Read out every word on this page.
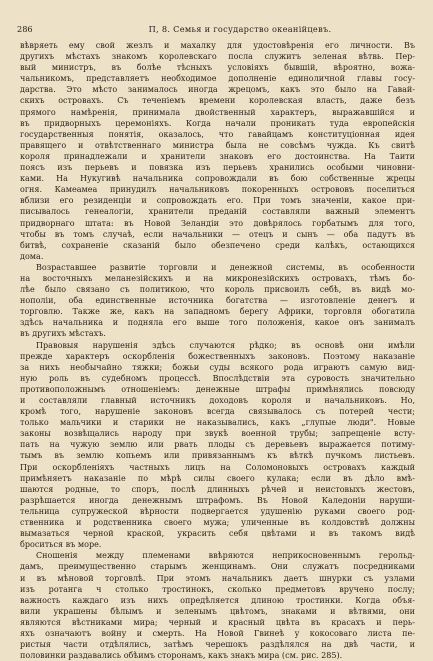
286	П, 8. Семья и государство океанійцевъ.
вѣвряеть ему свой жезлъ и махалку для удостовѣренія его личности. Въ
другихъ мѣстахъ знакомъ королевскаго посла служитъ зеленая вѣтвь. Пер-
вый министръ, въ болѣе тѣсныхъ условіяхъ бывшій, вѣроятно, вожа-
чальникомъ, представляетъ необходимое дополненіе единоличной главы госу-
дарства. Это мѣсто занималось иногда жрецомъ, какъ это было на Гавай-
скихъ островахъ. Съ теченіемъ времени королевская власть, даже безъ
прямого намѣренія, принимала двойственный характеръ, выражавшійся и
въ придворныхъ церемоніяхъ. Когда начали проникать туда европейскія
государственныя понятія, оказалось, что гавайцамъ конституціонная идея
правящего и отвѣтственнаго министра была не совсѣмъ чужда. Къ свитѣ
короля принадлежали и хранители знаковъ его достоинства. На Таити
поясъ изъ перьевъ и повязка изъ перьевъ хранились особыми чиновни-
ками. На Нукугивѣ начальника сопровождали въ бою собственные жрецы
огня. Камеамеа принудилъ начальниковъ покоренныхъ острововъ поселиться
вблизи его резиденціи и сопровождать его. При томъ значеніи, какое при-
писывалось генеалогіи, хранители преданій составляли важный элементъ
придворнаго штата: въ Новой Зеландіи это довѣрялось горбатымъ для того,
чтобы въ томъ случаѣ, если начальники — отецъ и сынъ — оба падутъ въ
битвѣ, сохраненіе сказаній было обезпечено среди калѣкъ, остающихся
дома.
Возраставшее развитіе торговли и денежной системы, въ особенности
на восточныхъ меланезійскихъ и на микронезійскихъ островахъ, тѣмъ бо-
лѣе было связано съ политикою, что король присвоилъ себѣ, въ видѣ мо-
нополіи, оба единственные источника богатства — изготовленіе денегъ и
торговлю. Также же, какъ на западномъ берегу Африки, торговля обогатила
здѣсь начальника и подняла его выше того положенія, какое онъ занималъ
въ другихъ мѣстахъ.
Правовыя нарушенія здѣсь случаются рѣдко; въ основѣ они имѣли
прежде характеръ оскорбленія божественныхъ законовъ. Поэтому наказаніе
за нихъ необычайно тяжки; божьи суды всякого рода играютъ самую вид-
ную роль въ судебномъ процессѣ. Впослѣдствіи эта суровость значительно
противоположнымъ отношеніемъ: денежные штрафы примѣнялись повсюду
и составляли главный источникъ доходовъ короля и начальниковъ. Но,
кромѣ того, нарушеніе законовъ всегда связывалось съ потерей чести;
только мальчики и старики не наказывались, какъ „глупые люди". Новые
законы возвѣщались народу при звукѣ военной трубы; запрещеніе всту-
пать на чужую землю или рвать плоды съ деревьевъ выражается потиму-
тымъ въ землю копьемъ или привязаннымъ къ вѣткѣ пучкомъ листьевъ.
При оскорбленіяхъ частныхъ лицъ на Соломоновыхъ островахъ каждый
примѣняетъ наказаніе по мѣрѣ силы своего кулака; если въ дѣло вмѣ-
шаются родные, то споръ, послѣ длинныхъ рѣчей и неистовыхъ жестовъ,
разрѣшается иногда денежнымъ штрафомъ. Въ Новой Каледоніи наруши-
тельница супружеской вѣрности подвергается удушенію руками своего род-
ственника и родственника своего мужа; уличенные въ колдовствѣ должны
вымазаться черной краской, украсить себя цвѣтами и въ такомъ видѣ
броситься въ море.
Сношенія между племенами ввѣряются неприкосновеннымъ герольд-
дамъ, преимущественно старымъ женщинамъ. Они служатъ посредниками
и въ мѣновой торговлѣ. При этомъ начальникъ даетъ шнурки съ узлами
изъ ротанга ч столько тростинокъ, сколько предметовъ вручено послу;
важность каждаго изъ нихъ опредѣляется длиною тростинки. Когда объя-
вили украшены бѣлымъ и зеленымъ цвѣтомъ, знаками и вѣтвями, они
являются вѣстниками мира; черный и красный цвѣта въ красахъ и перь-
яхъ означаютъ войну и смерть. На Новой Гвинеѣ у кокосоваго листа пе-
ристыя части отдѣлялись, затѣмъ черешокъ раздѣлялся на двѣ части, и
половинки раздавались обѣимъ сторонамъ, какъ знакъ мира (см. рис. 285).
